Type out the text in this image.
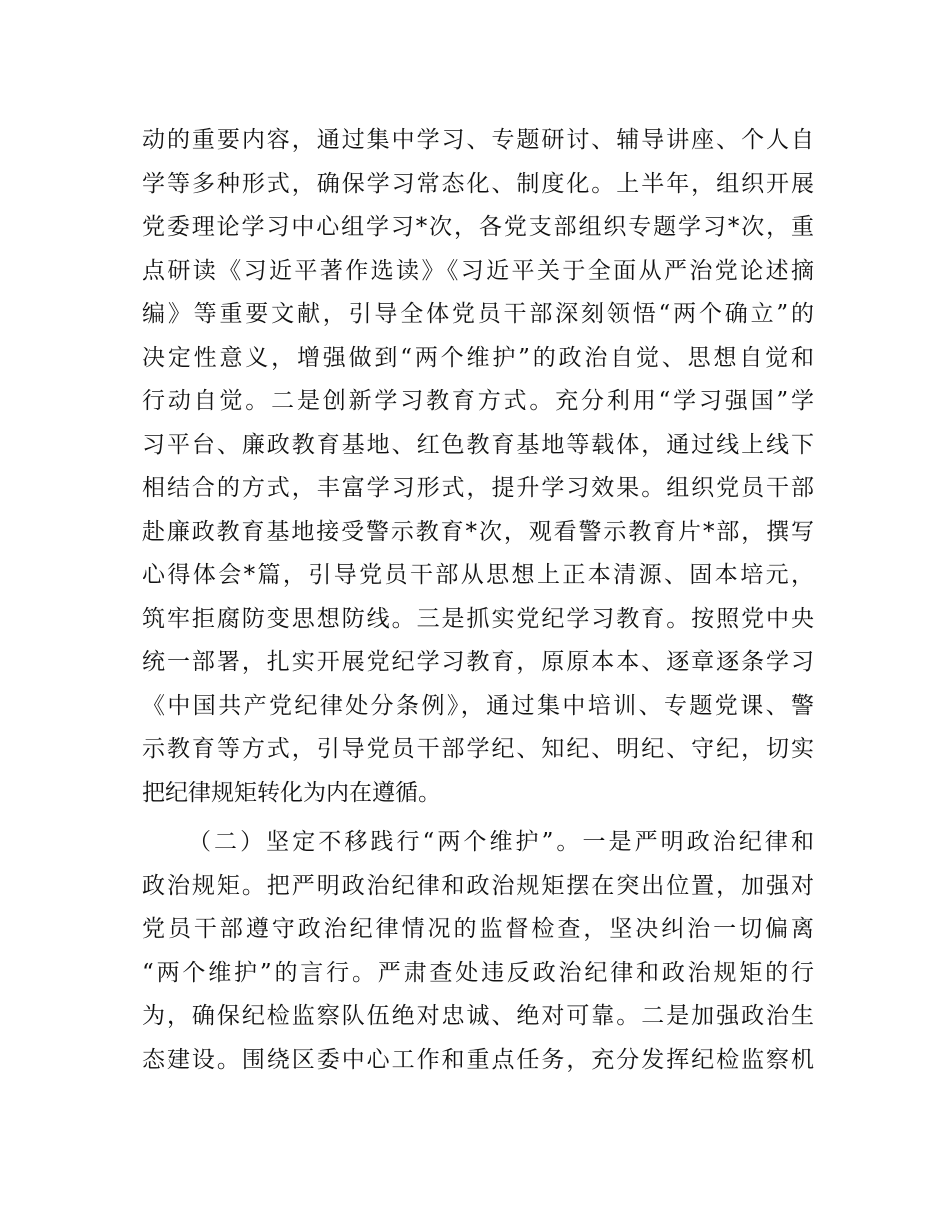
动的重要内容，通过集中学习、专题研讨、辅导讲座、个人自
学等多种形式，确保学习常态化、制度化。上半年，组织开展
党委理论学习中心组学习*次，各党支部组织专题学习*次，重
点研读《习近平著作选读》《习近平关于全面从严治党论述摘
编》等重要文献，引导全体党员干部深刻领悟“两个确立”的
决定性意义，增强做到“两个维护”的政治自觉、思想自觉和
行动自觉。二是创新学习教育方式。充分利用“学习强国”学
习平台、廉政教育基地、红色教育基地等载体，通过线上线下
相结合的方式，丰富学习形式，提升学习效果。组织党员干部
赴廉政教育基地接受警示教育*次，观看警示教育片*部，撰写
心得体会*篇，引导党员干部从思想上正本清源、固本培元，
筑牢拒腐防变思想防线。三是抓实党纪学习教育。按照党中央
统一部署，扎实开展党纪学习教育，原原本本、逐章逐条学习
《中国共产党纪律处分条例》，通过集中培训、专题党课、警
示教育等方式，引导党员干部学纪、知纪、明纪、守纪，切实
把纪律规矩转化为内在遵循。
（二）坚定不移践行“两个维护”。一是严明政治纪律和
政治规矩。把严明政治纪律和政治规矩摆在突出位置，加强对
党员干部遵守政治纪律情况的监督检查，坚决纠治一切偏离
“两个维护”的言行。严肃查处违反政治纪律和政治规矩的行
为，确保纪检监察队伍绝对忠诚、绝对可靠。二是加强政治生
态建设。围绕区委中心工作和重点任务，充分发挥纪检监察机
